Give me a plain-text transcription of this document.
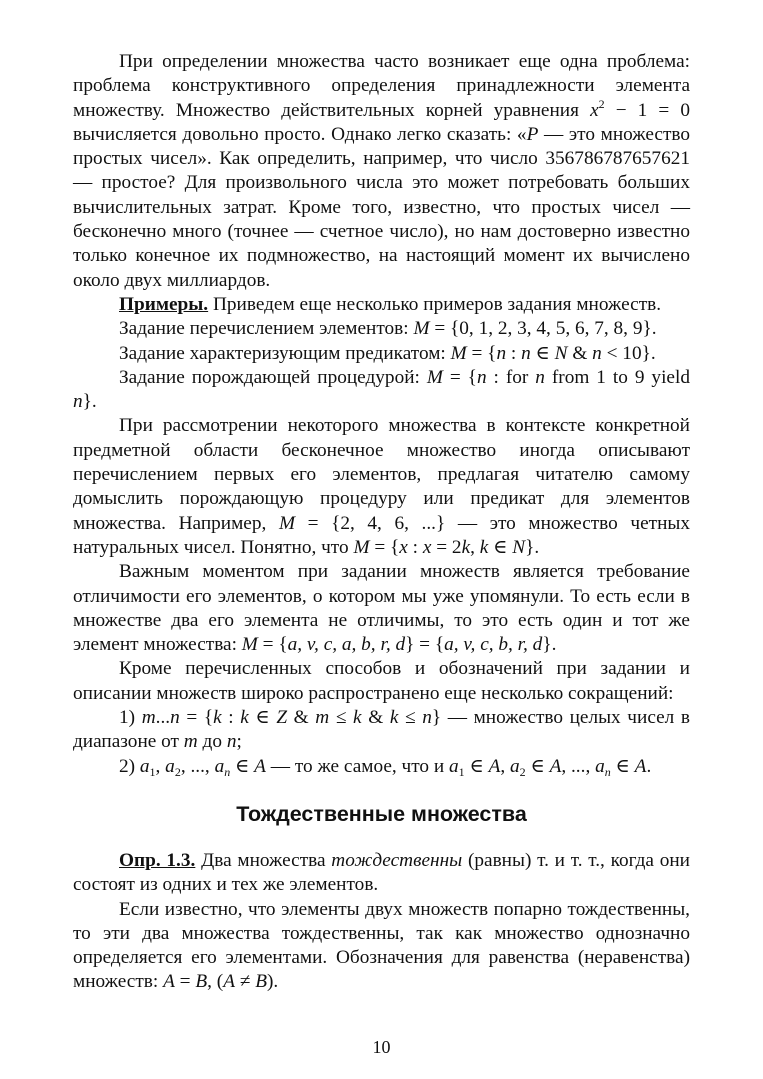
При определении множества часто возникает еще одна проблема: проблема конструктивного определения принадлежности элемента множеству. Множество действительных корней уравнения $x^2 - 1 = 0$ вычисляется довольно просто. Однако легко сказать: «P — это множество простых чисел». Как определить, например, что число 356786787657621 — простое? Для произвольного числа это может потребовать больших вычислительных затрат. Кроме того, известно, что простых чисел — бесконечно много (точнее — счетное число), но нам достоверно известно только конечное их подмножество, на настоящий момент их вычислено около двух миллиардов.

Примеры. Приведем еще несколько примеров задания множеств.

Задание перечислением элементов: M = {0, 1, 2, 3, 4, 5, 6, 7, 8, 9}.

Задание характеризующим предикатом: M = {n : n ∈ N & n < 10}.

Задание порождающей процедурой: M = {n : for n from 1 to 9 yield n}.

При рассмотрении некоторого множества в контексте конкретной предметной области бесконечное множество иногда описывают перечислением первых его элементов, предлагая читателю самому домыслить порождающую процедуру или предикат для элементов множества. Например, M = {2, 4, 6, ...} — это множество четных натуральных чисел. Понятно, что M = {x : x = 2k, k ∈ N}.

Важным моментом при задании множеств является требование отличимости его элементов, о котором мы уже упомянули. То есть если в множестве два его элемента не отличимы, то это есть один и тот же элемент множества: M = {a, v, c, a, b, r, d} = {a, v, c, b, r, d}.

Кроме перечисленных способов и обозначений при задании и описании множеств широко распространено еще несколько сокращений:

1) m...n = {k : k ∈ Z & m ≤ k & k ≤ n} — множество целых чисел в диапазоне от m до n;

2) $a_1$, $a_2$, ..., $a_n$ ∈ A — то же самое, что и $a_1$ ∈ A, $a_2$ ∈ A, ..., $a_n$ ∈ A.

Тождественные множества

Опр. 1.3. Два множества тождественны (равны) т. и т. т., когда они состоят из одних и тех же элементов.

Если известно, что элементы двух множеств попарно тождественны, то эти два множества тождественны, так как множество однозначно определяется его элементами. Обозначения для равенства (неравенства) множеств: A = B, (A ≠ B).

10
